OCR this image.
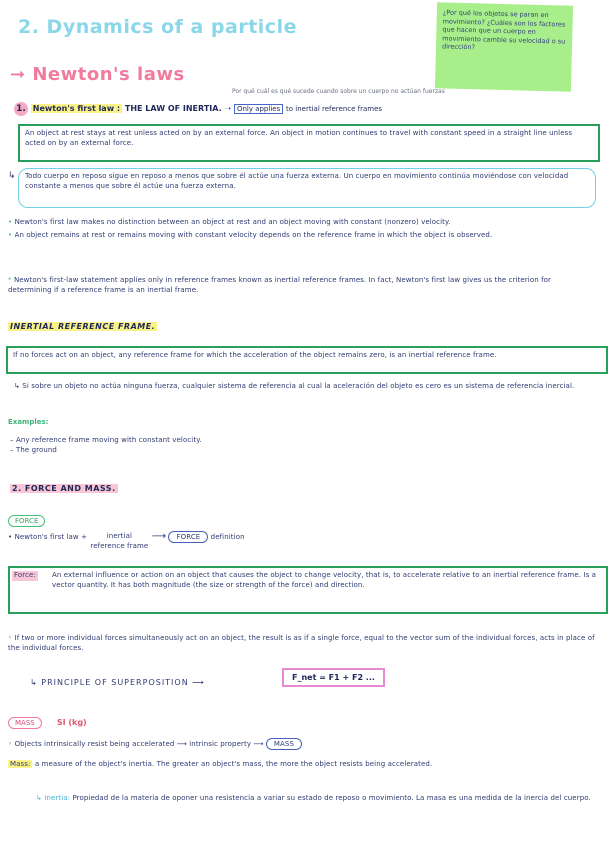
2. Dynamics of a particle
➞ Newton's laws
¿Por qué los objetos se paran en movimiento? ¿Cuáles son los factores que hacen que un cuerpo en movimiento cambie su velocidad o su dirección?
Por qué cuál es qué sucede cuando sobre un cuerpo no actúan fuerzas
1. Newton's first law : THE LAW OF INERTIA. ➝ Only applies to inertial reference frames
An object at rest stays at rest unless acted on by an external force. An object in motion continues to travel with constant speed in a straight line unless acted on by an external force.
↳	Todo cuerpo en reposo sigue en reposo a menos que sobre él actúe una fuerza externa. Un cuerpo en movimiento continúa moviéndose con velocidad constante a menos que sobre él actúe una fuerza externa.
• Newton's first law makes no distinction between an object at rest and an object moving with constant (nonzero) velocity.
• An object remains at rest or remains moving with constant velocity depends on the reference frame in which the object is observed.
* Newton's first-law statement applies only in reference frames known as inertial reference frames. In fact, Newton's first law gives us the criterion for determining if a reference frame is an inertial frame.
INERTIAL REFERENCE FRAME.
If no forces act on an object, any reference frame for which the acceleration of the object remains zero, is an inertial reference frame.
↳ Si sobre un objeto no actúa ninguna fuerza, cualquier sistema de referencia al cual la aceleración del objeto es cero es un sistema de referencia inercial.
Examples:
– Any reference frame moving with constant velocity.
– The ground
2. FORCE AND MASS.
FORCE
• Newton's first law +	inertial reference frame ⟶ FORCE definition
Force: An external influence or action on an object that causes the object to change velocity, that is, to accelerate relative to an inertial reference frame. Is a vector quantity. It has both magnitude (the size or strength of the force) and direction.
◦ If two or more individual forces simultaneously act on an object, the result is as if a single force, equal to the vector sum of the individual forces, acts in place of the individual forces.
↳ PRINCIPLE OF SUPERPOSITION ⟶
F_net = F1 + F2 ...
MASS	SI (kg)
◦ Objects intrinsically resist being accelerated ⟶ intrinsic property ⟶ MASS
Mass: a measure of the object's inertia. The greater an object's mass, the more the object resists being accelerated.
↳ Inertia: Propiedad de la materia de oponer una resistencia a variar su estado de reposo o movimiento. La masa es una medida de la inercia del cuerpo.
